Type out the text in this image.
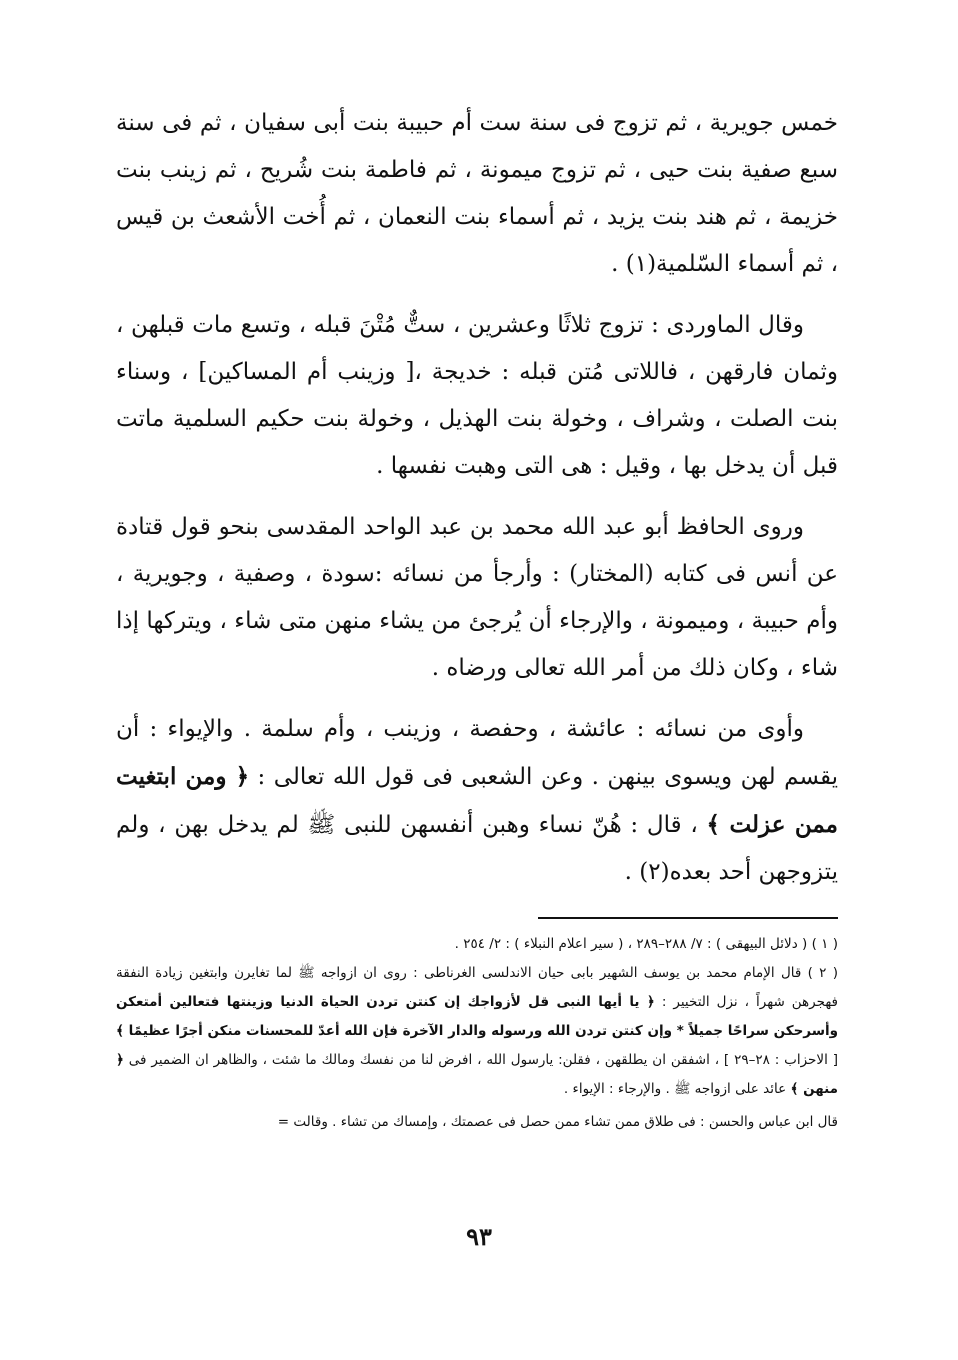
خمس جويرية ، ثم تزوج فى سنة ست أم حبيبة بنت أبى سفيان ، ثم فى سنة سبع صفية بنت حيى ، ثم تزوج ميمونة ، ثم فاطمة بنت شُريح ، ثم زينب بنت خزيمة ، ثم هند بنت يزيد ، ثم أسماء بنت النعمان ، ثم أُخت الأشعث بن قيس ، ثم أسماء السّلمية(١) .

وقال الماوردى : تزوج ثلاثًا وعشرين ، ستٌّ مُتْنَ قبله ، وتسع مات قبلهن ، وثمان فارقهن ، فاللاتى مُتن قبله : خديجة ،[ وزينب أم المساكين] ، وسناء بنت الصلت ، وشراف ، وخولة بنت الهذيل ، وخولة بنت حكيم السلمية ماتت قبل أن يدخل بها ، وقيل : هى التى وهبت نفسها .

وروى الحافظ أبو عبد الله محمد بن عبد الواحد المقدسى بنحو قول قتادة عن أنس فى كتابه (المختار) : وأرجأ من نسائه :سودة ، وصفية ، وجويرية ، وأم حبيبة ، وميمونة ، والإرجاء أن يُرجئ من يشاء منهن متى شاء ، ويتركها إذا شاء ، وكان ذلك من أمر الله تعالى ورضاه .

وأوى من نسائه : عائشة ، وحفصة ، وزينب ، وأم سلمة . والإيواء : أن يقسم لهن ويسوى بينهن . وعن الشعبى فى قول الله تعالى : ﴿ ومن ابتغيت ممن عزلت ﴾ ، قال : هُنّ نساء وهبن أنفسهن للنبى ﷺ لم يدخل بهن ، ولم يتزوجهن أحد بعده(٢) .

( ١ ) ( دلائل البيهقى ) : ٧/ ٢٨٨–٢٨٩ ، ( سير اعلام النبلاء ) : ٢/ ٢٥٤ .

( ٢ ) قال الإمام محمد بن يوسف الشهير بابى حيان الاندلسى الغرناطى : روى ان ازواجه ﷺ لما تغايرن وابتغين زيادة النفقة فهجرهن شهراً ، نزل التخيير : ﴿ يا أيها النبى قل لأزواجك إن كنتن تردن الحياة الدنيا وزينتها فتعالين أمتعكن وأسرحكن سراحًا جميلاً * وإن كنتن تردن الله ورسوله والدار الآخرة فإن الله أعدّ للمحسنات منكن أجرًا عظيمًا ﴾ [ الاحزاب : ٢٨–٢٩ ] ، اشفقن ان يطلقهن ، فقلن: يارسول الله ، افرض لنا من نفسك ومالك ما شئت ، والظاهر ان الضمير فى ﴿ منهن ﴾ عائد على ازواجه ﷺ . والإرجاء : الإيواء .

قال ابن عباس والحسن : فى طلاق ممن تشاء ممن حصل فى عصمتك ، وإمساك من تشاء . وقالت =

٩٣
